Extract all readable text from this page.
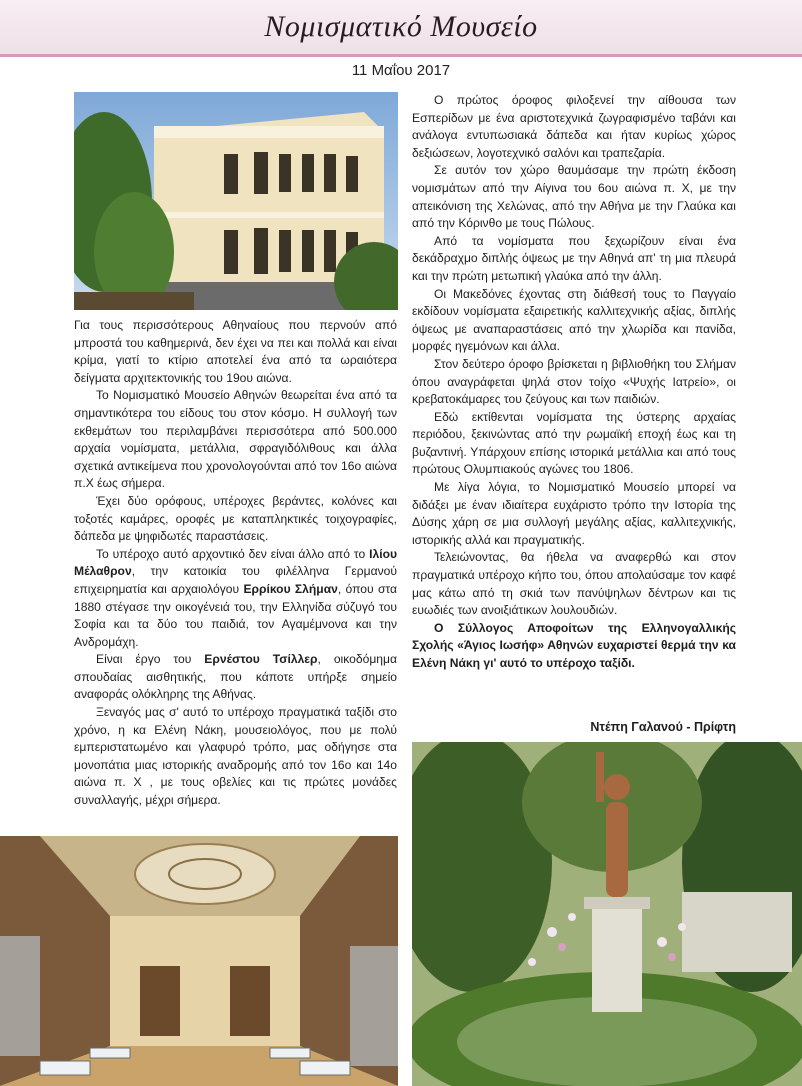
Νομισματικό Μουσείο
11 Μαΐου 2017

Για τους περισσότερους Αθηναίους που περνούν από μπροστά του καθημερινά, δεν έχει να πει και πολλά και είναι κρίμα, γιατί το κτίριο αποτελεί ένα από τα ωραιότερα δείγματα αρχιτεκτονικής του 19ου αιώνα.

Το Νομισματικό Μουσείο Αθηνών θεωρείται ένα από τα σημαντικότερα του είδους του στον κόσμο. Η συλλογή των εκθεμάτων του περιλαμβάνει περισσότερα από 500.000 αρχαία νομίσματα, μετάλλια, σφραγιδόλιθους και άλλα σχετικά αντικείμενα που χρονολογούνται από τον 16ο αιώνα π.Χ έως σήμερα.

Έχει δύο ορόφους, υπέροχες βεράντες, κολόνες και τοξοτές καμάρες, οροφές με καταπληκτικές τοιχογραφίες, δάπεδα με ψηφιδωτές παραστάσεις.

Το υπέροχο αυτό αρχοντικό δεν είναι άλλο από το Ιλίου Μέλαθρον, την κατοικία του φιλέλληνα Γερμανού επιχειρηματία και αρχαιολόγου Ερρίκου Σλήμαν, όπου στα 1880 στέγασε την οικογένειά του, την Ελληνίδα σύζυγό του Σοφία και τα δύο του παιδιά, τον Αγαμέμνονα και την Ανδρομάχη.

Είναι έργο του Ερνέστου Τσίλλερ, οικοδόμημα σπουδαίας αισθητικής, που κάποτε υπήρξε σημείο αναφοράς ολόκληρης της Αθήνας.

Ξεναγός μας σ' αυτό το υπέροχο πραγματικά ταξίδι στο χρόνο, η κα Ελένη Νάκη, μουσειολόγος, που με πολύ εμπεριστατωμένο και γλαφυρό τρόπο, μας οδήγησε στα μονοπάτια μιας ιστορικής αναδρομής από τον 16ο και 14ο αιώνα π. Χ , με τους οβελίες και τις πρώτες μονάδες συναλλαγής, μέχρι σήμερα.

Ο πρώτος όροφος φιλοξενεί την αίθουσα των Εσπερίδων με ένα αριστοτεχνικά ζωγραφισμένο ταβάνι και ανάλογα εντυπωσιακά δάπεδα και ήταν κυρίως χώρος δεξιώσεων, λογοτεχνικό σαλόνι και τραπεζαρία.

Σε αυτόν τον χώρο θαυμάσαμε την πρώτη έκδοση νομισμάτων από την Αίγινα του 6ου αιώνα π. Χ, με την απεικόνιση της Χελώνας, από την Αθήνα με την Γλαύκα και από την Κόρινθο με τους Πώλους.

Από τα νομίσματα που ξεχωρίζουν είναι ένα δεκάδραχμο διπλής όψεως με την Αθηνά απ' τη μια πλευρά και την πρώτη μετωπική γλαύκα από την άλλη.

Οι Μακεδόνες έχοντας στη διάθεσή τους το Παγγαίο εκδίδουν νομίσματα εξαιρετικής καλλιτεχνικής αξίας, διπλής όψεως με αναπαραστάσεις από την χλωρίδα και πανίδα, μορφές ηγεμόνων και άλλα.

Στον δεύτερο όροφο βρίσκεται η βιβλιοθήκη του Σλήμαν όπου αναγράφεται ψηλά στον τοίχο «Ψυχής Ιατρείο», οι κρεβατοκάμαρες του ζεύγους και των παιδιών.

Εδώ εκτίθενται νομίσματα της ύστερης αρχαίας περιόδου, ξεκινώντας από την ρωμαϊκή εποχή έως και τη βυζαντινή. Υπάρχουν επίσης ιστορικά μετάλλια και από τους πρώτους Ολυμπιακούς αγώνες του 1806.

Με λίγα λόγια, το Νομισματικό Μουσείο μπορεί να διδάξει με έναν ιδιαίτερα ευχάριστο τρόπο την Ιστορία της Δύσης χάρη σε μια συλλογή μεγάλης αξίας, καλλιτεχνικής, ιστορικής αλλά και πραγματικής.

Τελειώνοντας, θα ήθελα να αναφερθώ και στον πραγματικά υπέροχο κήπο του, όπου απολαύσαμε τον καφέ μας κάτω από τη σκιά των πανύψηλων δέντρων και τις ευωδιές των ανοιξιάτικων λουλουδιών.

Ο Σύλλογος Αποφοίτων της Ελληνογαλλικής Σχολής «Άγιος Ιωσήφ» Αθηνών ευχαριστεί θερμά την κα Ελένη Νάκη γι' αυτό το υπέροχο ταξίδι.

Ντέπη Γαλανού - Πρίφτη
